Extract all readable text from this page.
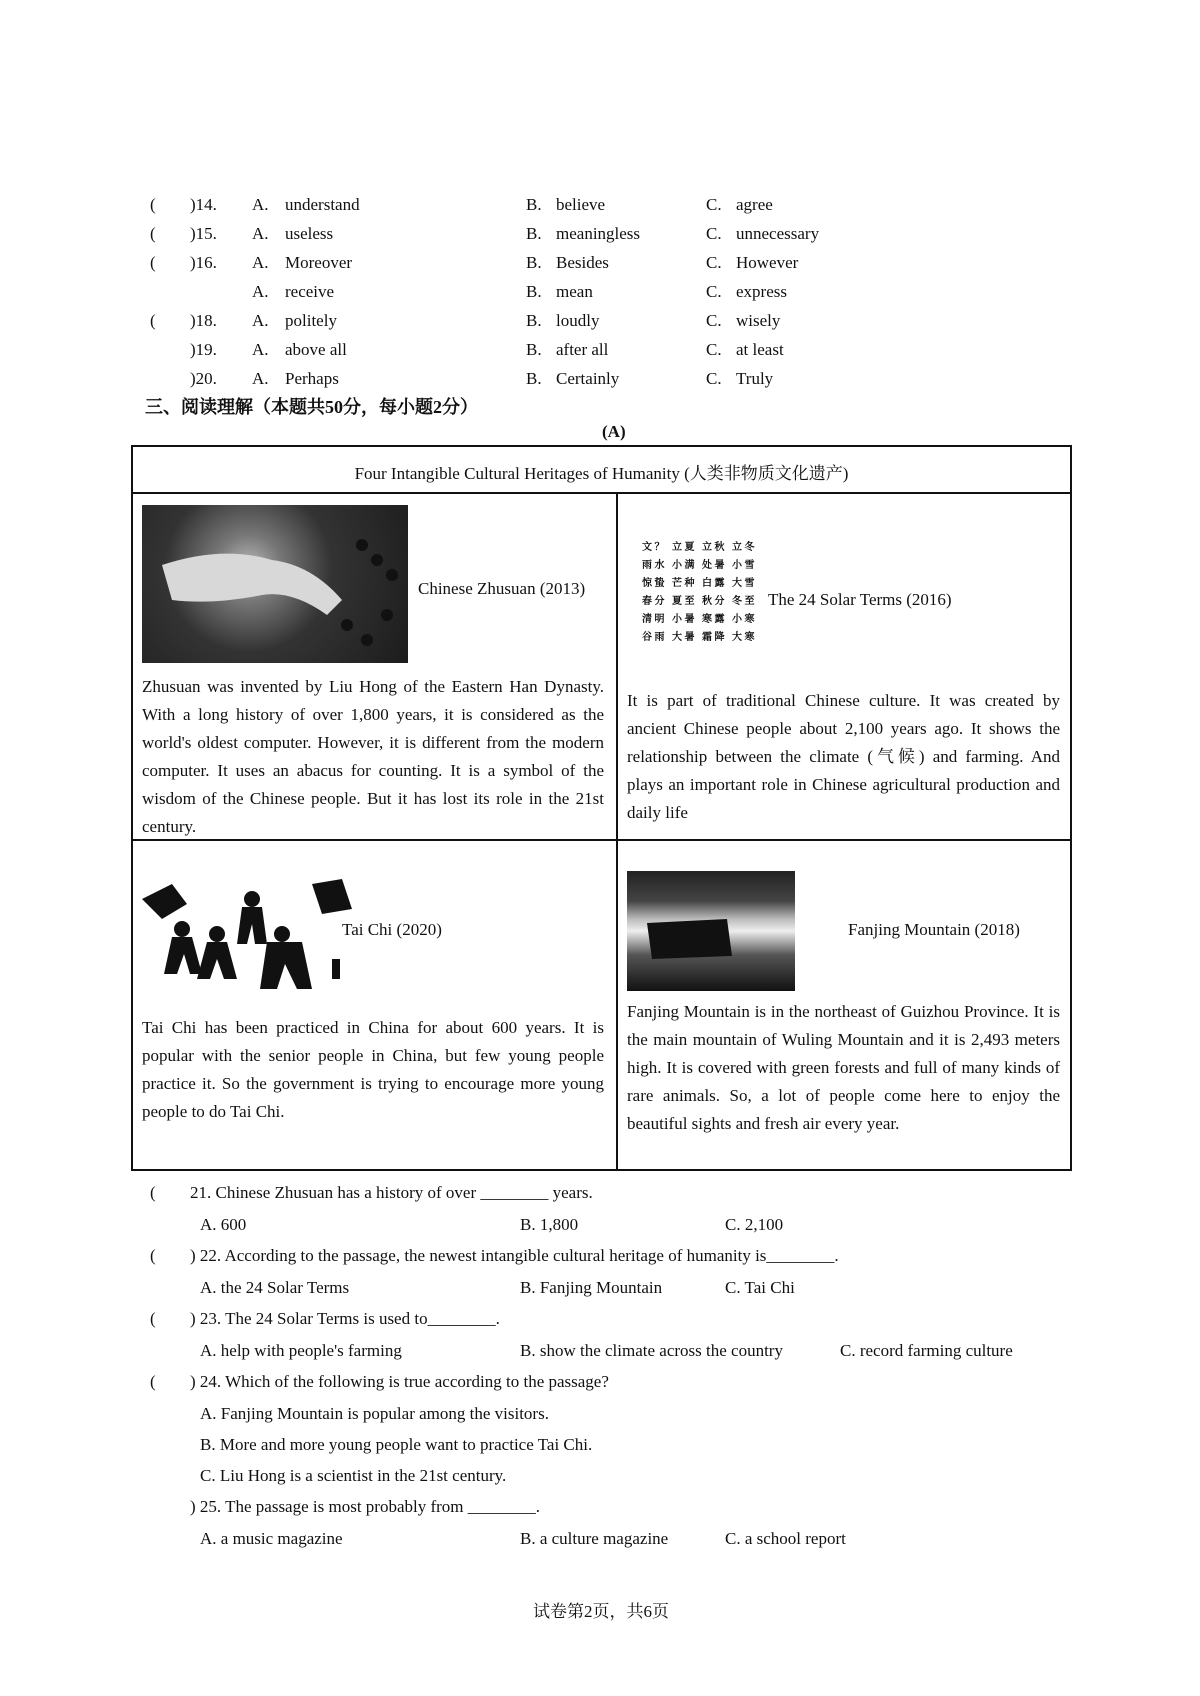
( )14. A. understand	B. believe	C. agree
( )15. A. useless	B. meaningless	C. unnecessary
( )16. A. Moreover	B. Besides	C. However
A. receive	B. mean	C. express
( )18. A. politely	B. loudly	C. wisely
)19. A. above all	B. after all	C. at least
)20. A. Perhaps	B. Certainly	C. Truly
三、阅读理解（本题共50分，每小题2分）
(A)
Four Intangible Cultural Heritages of Humanity (人类非物质文化遗产)
Chinese Zhusuan (2013)
Zhusuan was invented by Liu Hong of the Eastern Han Dynasty. With a long history of over 1,800 years, it is considered as the world's oldest computer. However, it is different from the modern computer. It uses an abacus for counting. It is a symbol of the wisdom of the Chinese people. But it has lost its role in the 21st century.
文 ？   立 夏   立 秋   立 冬
雨 水   小 满   处 暑   小 雪
惊 蛰   芒 种   白 露   大 雪
春 分   夏 至   秋 分   冬 至
清 明   小 暑   寒 露   小 寒
谷 雨   大 暑   霜 降   大 寒
The 24 Solar Terms (2016)
It is part of traditional Chinese culture. It was created by ancient Chinese people about 2,100 years ago. It shows the relationship between the climate (气候) and farming. And plays an important role in Chinese agricultural production and daily life
Tai Chi (2020)
Tai Chi has been practiced in China for about 600 years. It is popular with the senior people in China, but few young people practice it. So the government is trying to encourage more young people to do Tai Chi.
Fanjing Mountain (2018)
Fanjing Mountain is in the northeast of Guizhou Province. It is the main mountain of Wuling Mountain and it is 2,493 meters high. It is covered with green forests and full of many kinds of rare animals. So, a lot of people come here to enjoy the beautiful sights and fresh air every year.
( 21. Chinese Zhusuan has a history of over ________ years.
A. 600	B. 1,800	C. 2,100
( ) 22. According to the passage, the newest intangible cultural heritage of humanity is________.
A. the 24 Solar Terms	B. Fanjing Mountain	C. Tai Chi
( ) 23. The 24 Solar Terms is used to________.
A. help with people's farming	B. show the climate across the country	C. record farming culture
( ) 24. Which of the following is true according to the passage?
A. Fanjing Mountain is popular among the visitors.
B. More and more young people want to practice Tai Chi.
C. Liu Hong is a scientist in the 21st century.
) 25. The passage is most probably from ________.
A. a music magazine	B. a culture magazine	C. a school report
试卷第2页，共6页
